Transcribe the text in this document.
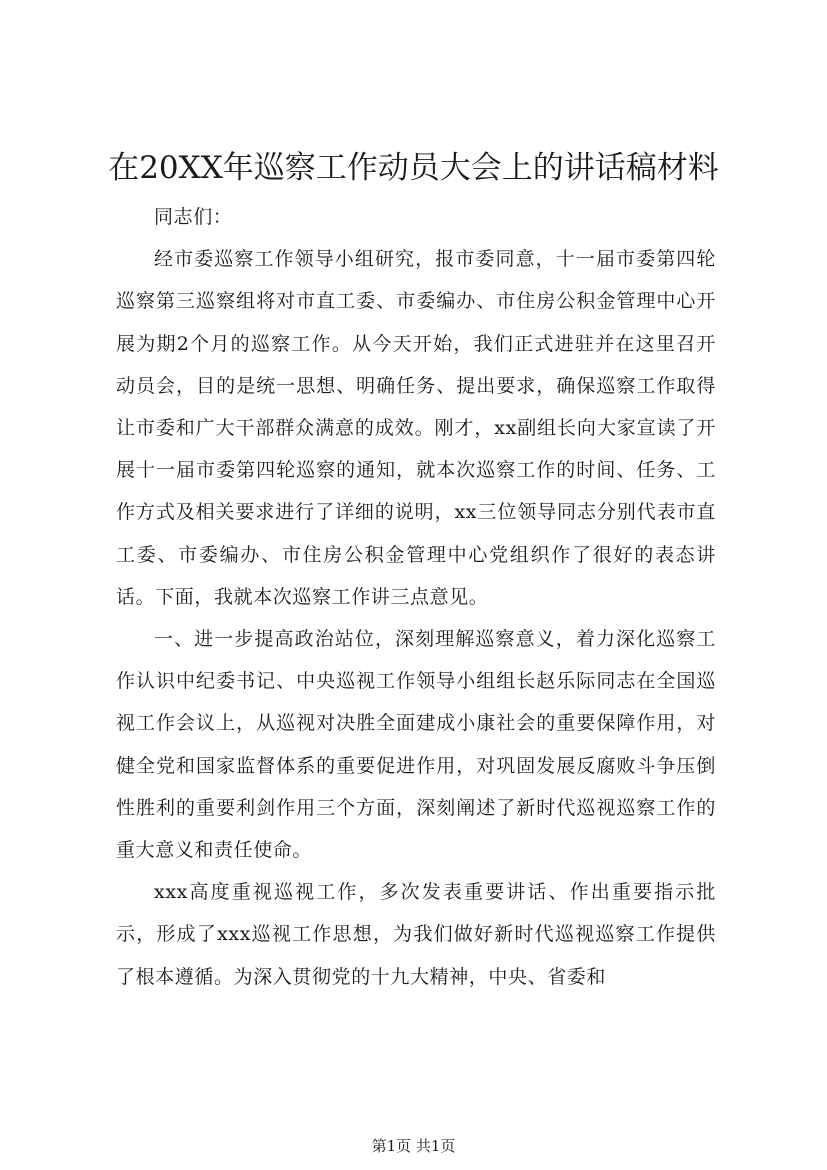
在20XX年巡察工作动员大会上的讲话稿材料

同志们：

经市委巡察工作领导小组研究，报市委同意，十一届市委第四轮巡察第三巡察组将对市直工委、市委编办、市住房公积金管理中心开展为期2个月的巡察工作。从今天开始，我们正式进驻并在这里召开动员会，目的是统一思想、明确任务、提出要求，确保巡察工作取得让市委和广大干部群众满意的成效。刚才，xx副组长向大家宣读了开展十一届市委第四轮巡察的通知，就本次巡察工作的时间、任务、工作方式及相关要求进行了详细的说明，xx三位领导同志分别代表市直工委、市委编办、市住房公积金管理中心党组织作了很好的表态讲话。下面，我就本次巡察工作讲三点意见。

一、进一步提高政治站位，深刻理解巡察意义，着力深化巡察工作认识中纪委书记、中央巡视工作领导小组组长赵乐际同志在全国巡视工作会议上，从巡视对决胜全面建成小康社会的重要保障作用，对健全党和国家监督体系的重要促进作用，对巩固发展反腐败斗争压倒性胜利的重要利剑作用三个方面，深刻阐述了新时代巡视巡察工作的重大意义和责任使命。

xxx高度重视巡视工作，多次发表重要讲话、作出重要指示批示，形成了xxx巡视工作思想，为我们做好新时代巡视巡察工作提供了根本遵循。为深入贯彻党的十九大精神，中央、省委和

第1页 共1页
